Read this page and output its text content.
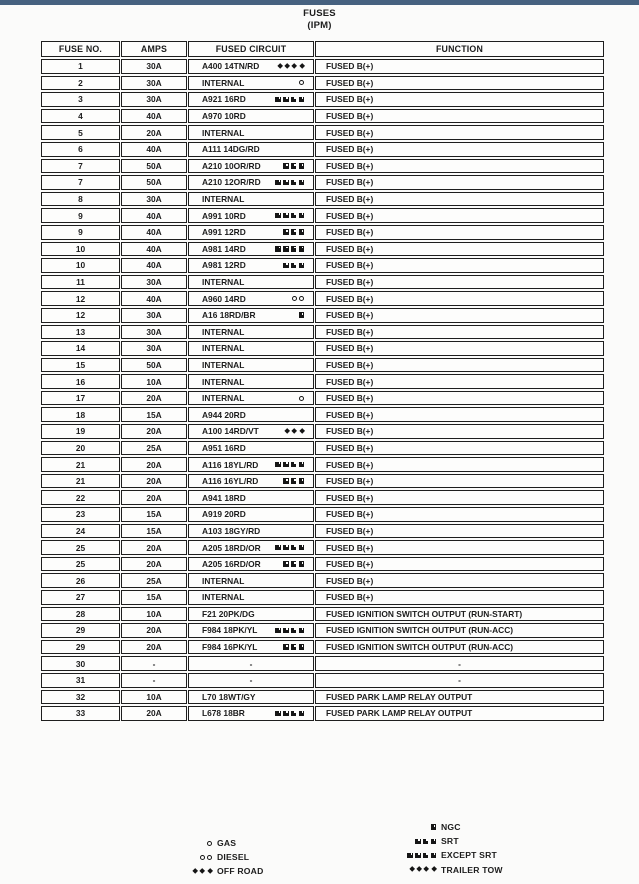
FUSES
(IPM)
FUSE NO.	AMPS	FUSED CIRCUIT	FUNCTION
1	30A	A400 14TN/RD	FUSED B(+)
2	30A	INTERNAL	FUSED B(+)
3	30A	A921 16RD	FUSED B(+)
4	40A	A970 10RD	FUSED B(+)
5	20A	INTERNAL	FUSED B(+)
6	40A	A111 14DG/RD	FUSED B(+)
7	50A	A210 10OR/RD	FUSED B(+)
7	50A	A210 12OR/RD	FUSED B(+)
8	30A	INTERNAL	FUSED B(+)
9	40A	A991 10RD	FUSED B(+)
9	40A	A991 12RD	FUSED B(+)
10	40A	A981 14RD	FUSED B(+)
10	40A	A981 12RD	FUSED B(+)
11	30A	INTERNAL	FUSED B(+)
12	40A	A960 14RD	FUSED B(+)
12	30A	A16 18RD/BR	FUSED B(+)
13	30A	INTERNAL	FUSED B(+)
14	30A	INTERNAL	FUSED B(+)
15	50A	INTERNAL	FUSED B(+)
16	10A	INTERNAL	FUSED B(+)
17	20A	INTERNAL	FUSED B(+)
18	15A	A944 20RD	FUSED B(+)
19	20A	A100 14RD/VT	FUSED B(+)
20	25A	A951 16RD	FUSED B(+)
21	20A	A116 18YL/RD	FUSED B(+)
21	20A	A116 16YL/RD	FUSED B(+)
22	20A	A941 18RD	FUSED B(+)
23	15A	A919 20RD	FUSED B(+)
24	15A	A103 18GY/RD	FUSED B(+)
25	20A	A205 18RD/OR	FUSED B(+)
25	20A	A205 16RD/OR	FUSED B(+)
26	25A	INTERNAL	FUSED B(+)
27	15A	INTERNAL	FUSED B(+)
28	10A	F21 20PK/DG	FUSED IGNITION SWITCH OUTPUT (RUN-START)
29	20A	F984 18PK/YL	FUSED IGNITION SWITCH OUTPUT (RUN-ACC)
29	20A	F984 16PK/YL	FUSED IGNITION SWITCH OUTPUT (RUN-ACC)
30	-	-	-
31	-	-	-
32	10A	L70 18WT/GY	FUSED PARK LAMP RELAY OUTPUT
33	20A	L678 18BR	FUSED PARK LAMP RELAY OUTPUT
GAS
DIESEL
OFF ROAD
NGC
SRT
EXCEPT SRT
TRAILER TOW
